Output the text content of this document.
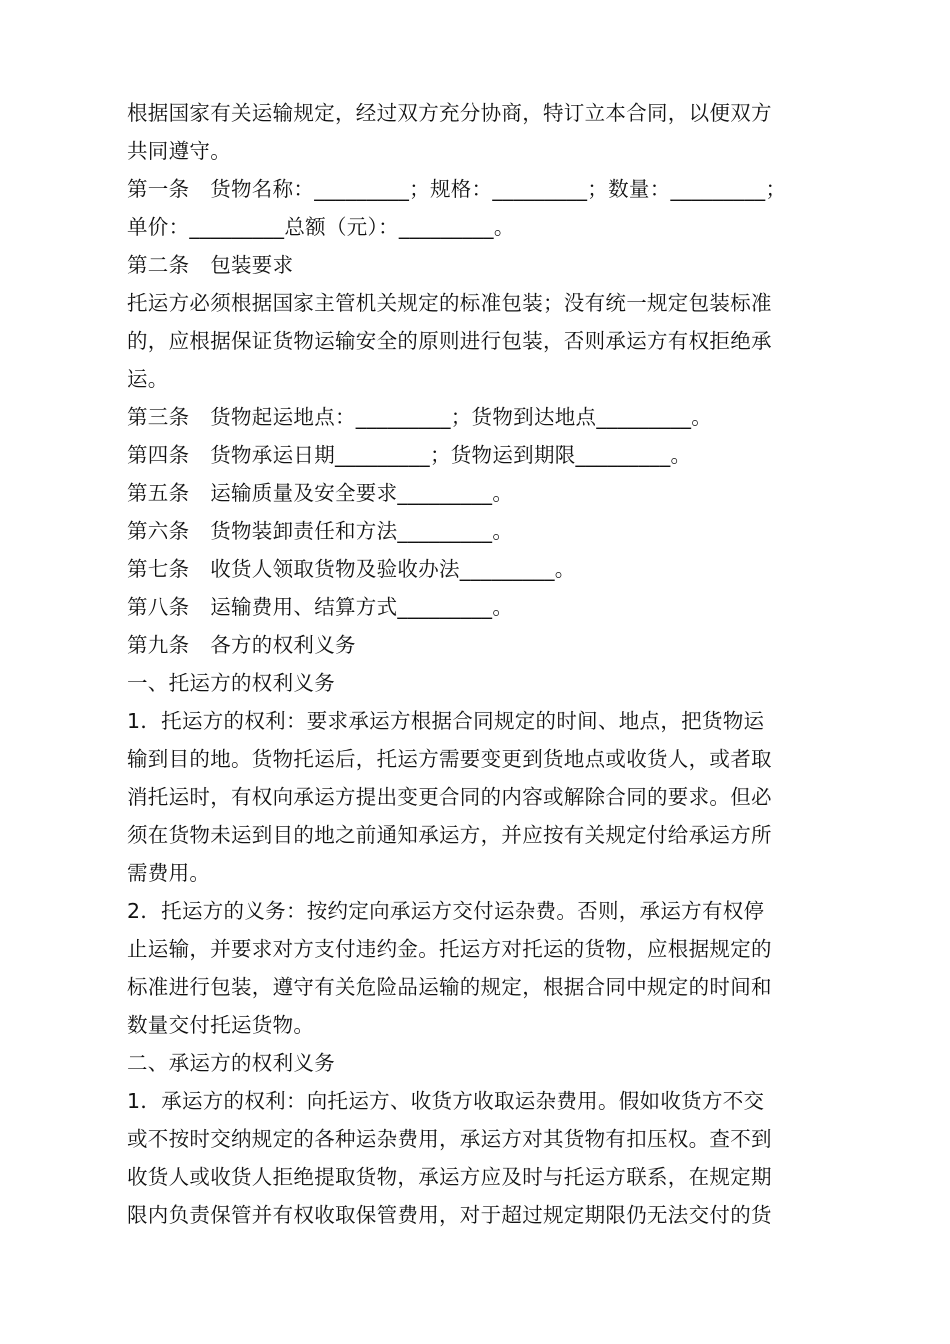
根据国家有关运输规定，经过双方充分协商，特订立本合同，以便双方
共同遵守。
第一条　货物名称：_________；规格：_________；数量：_________；
单价：_________总额（元）：_________。
第二条　包装要求
托运方必须根据国家主管机关规定的标准包装；没有统一规定包装标准
的，应根据保证货物运输安全的原则进行包装，否则承运方有权拒绝承
运。
第三条　货物起运地点：_________；货物到达地点_________。
第四条　货物承运日期_________；货物运到期限_________。
第五条　运输质量及安全要求_________。
第六条　货物装卸责任和方法_________。
第七条　收货人领取货物及验收办法_________。
第八条　运输费用、结算方式_________。
第九条　各方的权利义务
一、托运方的权利义务
1．托运方的权利：要求承运方根据合同规定的时间、地点，把货物运
输到目的地。货物托运后，托运方需要变更到货地点或收货人，或者取
消托运时，有权向承运方提出变更合同的内容或解除合同的要求。但必
须在货物未运到目的地之前通知承运方，并应按有关规定付给承运方所
需费用。
2．托运方的义务：按约定向承运方交付运杂费。否则，承运方有权停
止运输，并要求对方支付违约金。托运方对托运的货物，应根据规定的
标准进行包装，遵守有关危险品运输的规定，根据合同中规定的时间和
数量交付托运货物。
二、承运方的权利义务
1．承运方的权利：向托运方、收货方收取运杂费用。假如收货方不交
或不按时交纳规定的各种运杂费用，承运方对其货物有扣压权。查不到
收货人或收货人拒绝提取货物，承运方应及时与托运方联系，在规定期
限内负责保管并有权收取保管费用，对于超过规定期限仍无法交付的货
